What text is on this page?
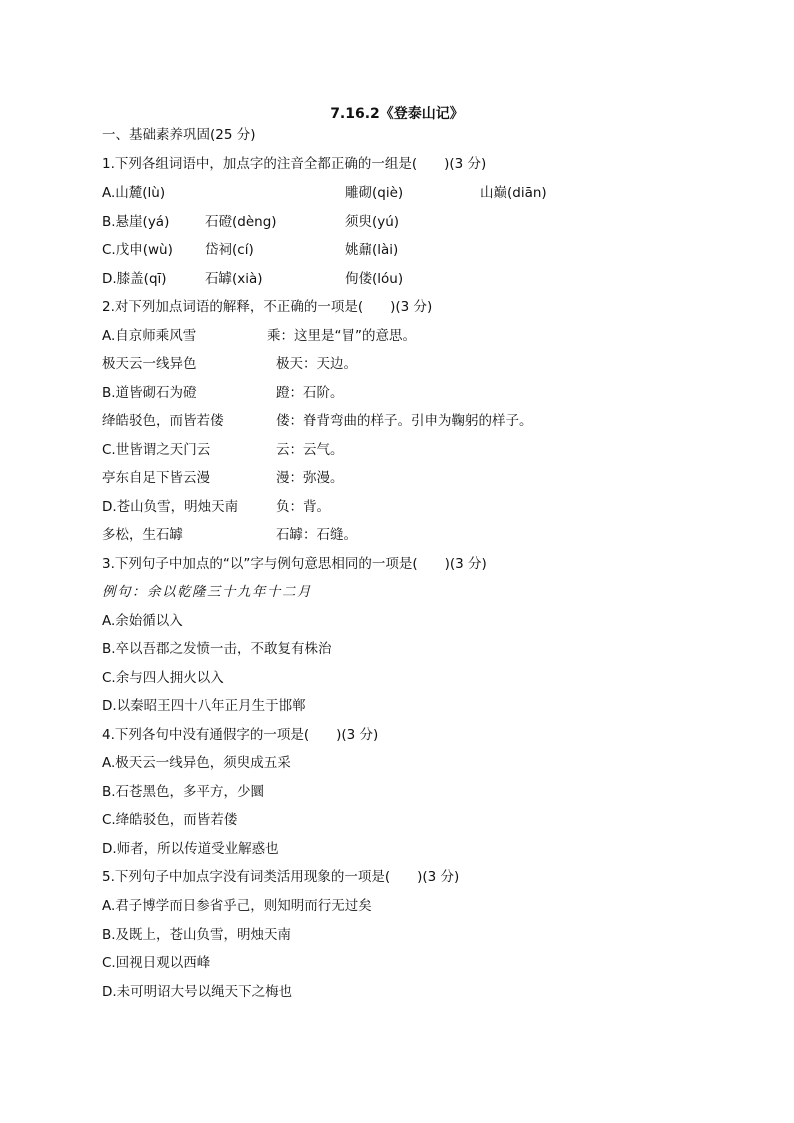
7.16.2《登泰山记》
一、基础素养巩固(25 分)
1.下列各组词语中，加点字的注音全都正确的一组是(　　)(3 分)
A.山麓(lù)	雕砌(qiè)	山巅(diān)
B.悬崖(yá)	石磴(dèng)	须臾(yú)
C.戊申(wù) 岱祠(cí)	姚鼐(lài)
D.膝盖(qī)	石罅(xià)	佝偻(lóu)
2.对下列加点词语的解释，不正确的一项是(　　)(3 分)
A.自京师乘风雪	乘：这里是“冒”的意思。
极天云一线异色	极天：天边。
B.道皆砌石为磴	蹬：石阶。
绛皓驳色，而皆若偻	偻：脊背弯曲的样子。引申为鞠躬的样子。
C.世皆谓之天门云	云：云气。
亭东自足下皆云漫	漫：弥漫。
D.苍山负雪，明烛天南	负：背。
多松，生石罅	石罅：石缝。
3.下列句子中加点的“以”字与例句意思相同的一项是(　　)(3 分)
例句：余以乾隆三十九年十二月
A.余始循以入
B.卒以吾郡之发愤一击，不敢复有株治
C.余与四人拥火以入
D.以秦昭王四十八年正月生于邯郸
4.下列各句中没有通假字的一项是(　　)(3 分)
A.极天云一线异色，须臾成五采
B.石苍黑色，多平方，少圜
C.绛皓驳色，而皆若偻
D.师者，所以传道受业解惑也
5.下列句子中加点字没有词类活用现象的一项是(　　)(3 分)
A.君子博学而日参省乎己，则知明而行无过矣
B.及既上，苍山负雪，明烛天南
C.回视日观以西峰
D.未可明诏大号以绳天下之梅也
